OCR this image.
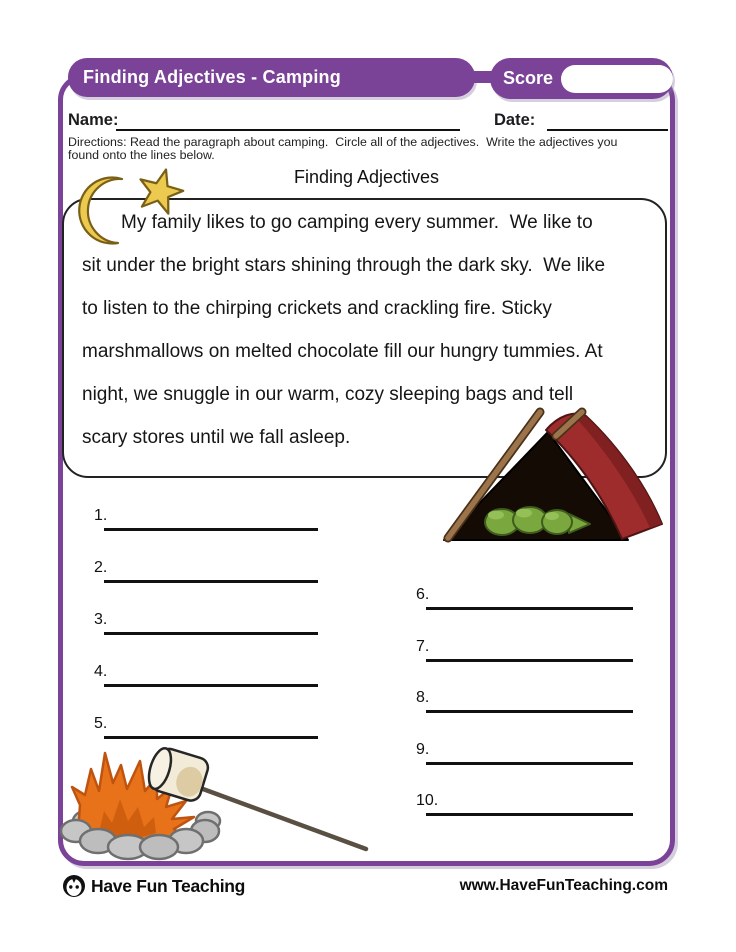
Finding Adjectives - Camping	Score
Name:	Date:
Directions: Read the paragraph about camping.  Circle all of the adjectives.  Write the adjectives you
found onto the lines below.
Finding Adjectives
My family likes to go camping every summer.  We like to
sit under the bright stars shining through the dark sky.  We like
to listen to the chirping crickets and crackling fire. Sticky
marshmallows on melted chocolate fill our hungry tummies. At
night, we snuggle in our warm, cozy sleeping bags and tell
scary stores until we fall asleep.
1.
2.
3.
4.
5.
6.
7.
8.
9.
10.
Have Fun Teaching	www.HaveFunTeaching.com
